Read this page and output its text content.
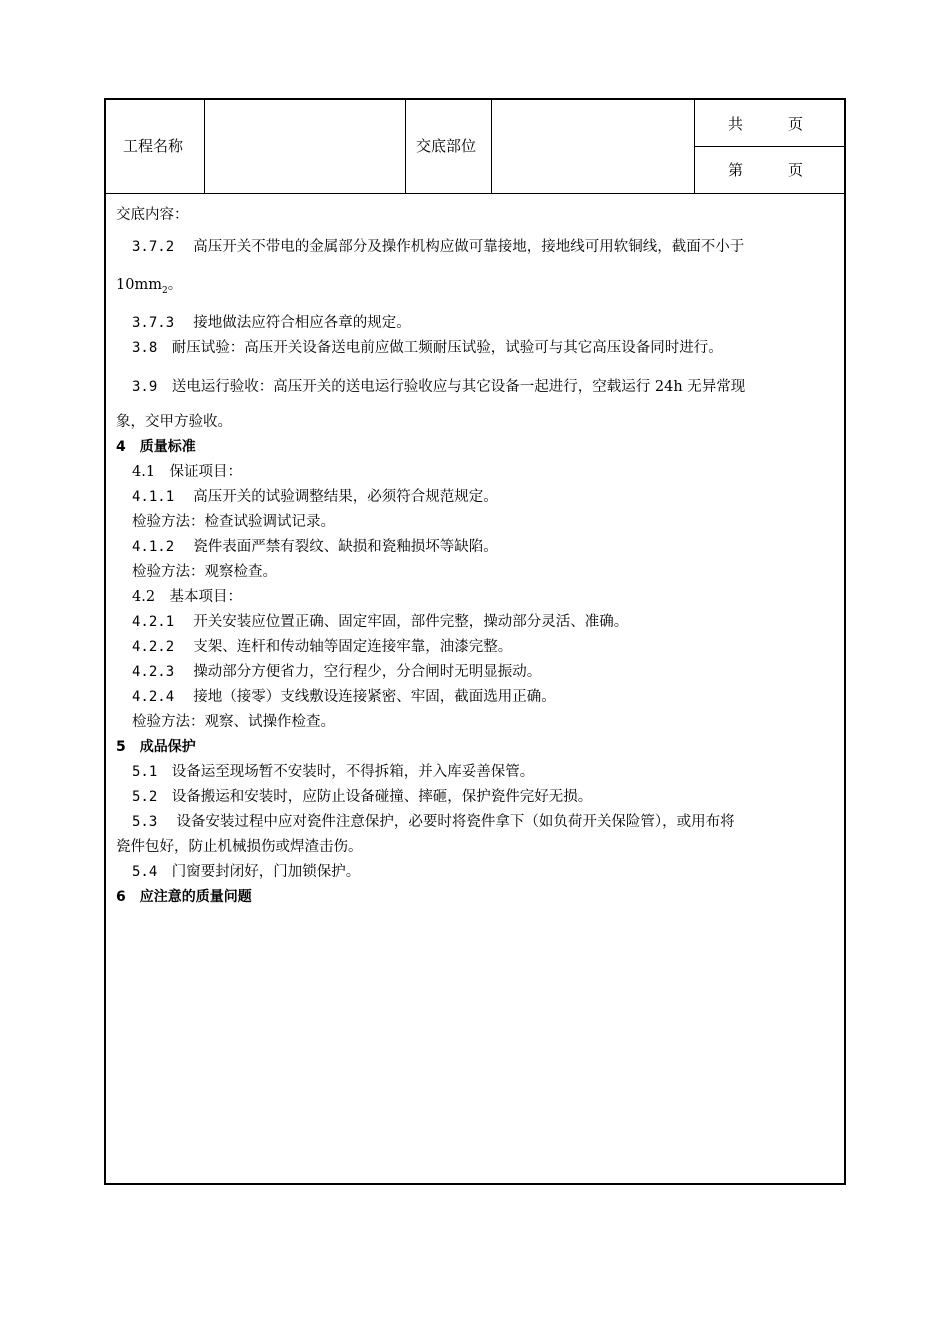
工程名称	交底部位
共　　　页
第　　　页
交底内容：
3.7.2　 高压开关不带电的金属部分及操作机构应做可靠接地，接地线可用软铜线，截面不小于
$10mm_2$。
3.7.3　 接地做法应符合相应各章的规定。
3.8　 耐压试验：高压开关设备送电前应做工频耐压试验，试验可与其它高压设备同时进行。
3.9　 送电运行验收：高压开关的送电运行验收应与其它设备一起进行，空载运行 24h 无异常现
象，交甲方验收。
4　质量标准
4.1　保证项目：
4.1.1　 高压开关的试验调整结果，必须符合规范规定。
检验方法：检查试验调试记录。
4.1.2　 瓷件表面严禁有裂纹、缺损和瓷釉损坏等缺陷。
检验方法：观察检查。
4.2　基本项目：
4.2.1　 开关安装应位置正确、固定牢固，部件完整，操动部分灵活、准确。
4.2.2　 支架、连杆和传动轴等固定连接牢靠，油漆完整。
4.2.3　 操动部分方便省力，空行程少，分合闸时无明显振动。
4.2.4　 接地（接零）支线敷设连接紧密、牢固，截面选用正确。
检验方法：观察、试操作检查。
5　成品保护
5.1　 设备运至现场暂不安装时，不得拆箱，并入库妥善保管。
5.2　 设备搬运和安装时，应防止设备碰撞、摔砸，保护瓷件完好无损。
5.3　 设备安装过程中应对瓷件注意保护，必要时将瓷件拿下（如负荷开关保险管），或用布将
瓷件包好，防止机械损伤或焊渣击伤。
5.4　 门窗要封闭好，门加锁保护。
6　应注意的质量问题
